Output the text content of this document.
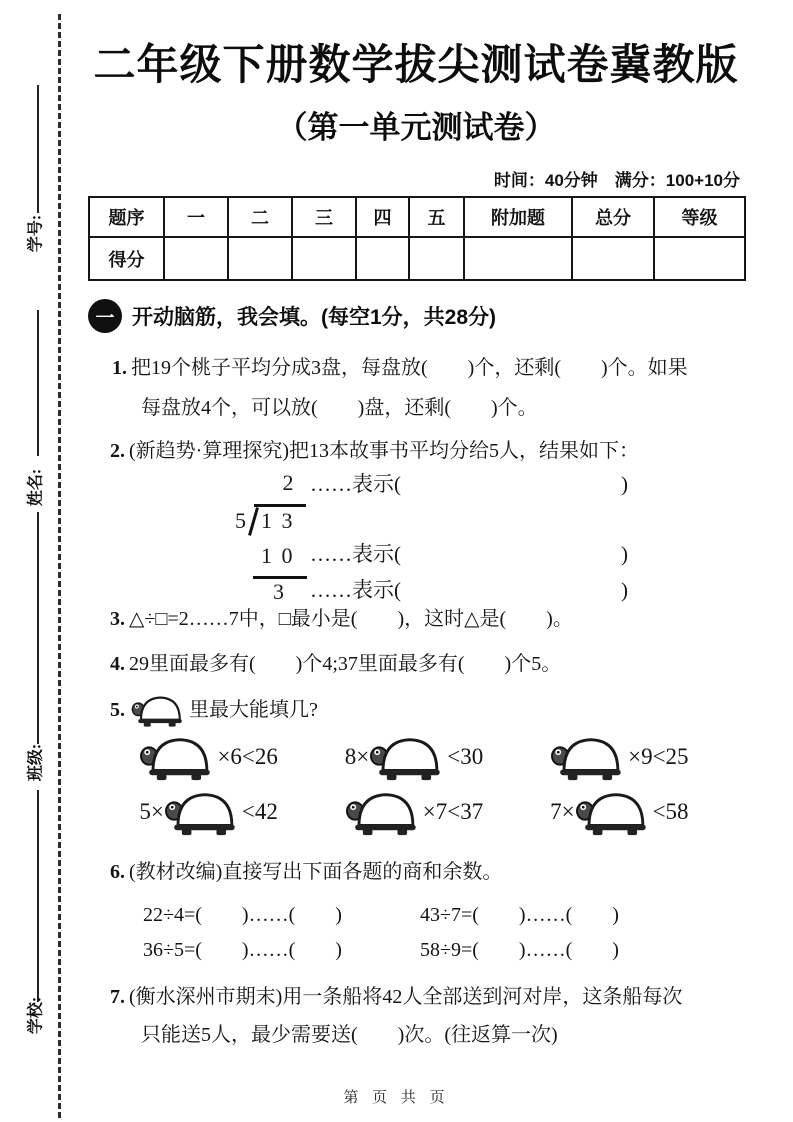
学号:
姓名:
班级:
学校:
二年级下册数学拔尖测试卷冀教版
（第一单元测试卷）
时间：40分钟　满分：100+10分
题序	一	二	三	四	五	附加题	总分	等级
得分								
一 开动脑筋，我会填。(每空1分，共28分)
1. 把19个桃子平均分成3盘，每盘放(　　)个，还剩(　　)个。如果
每盘放4个，可以放(　　)盘，还剩(　　)个。
2. (新趋势·算理探究)把13本故事书平均分给5人，结果如下：
2
5 1 3
1 0
3
……表示(	)
……表示(	)
……表示(	)
3. △÷□=2……7中，□最小是(　　)，这时△是(　　)。
4. 29里面最多有(　　)个4;37里面最多有(　　)个5。
5.	里最大能填几?
×6<26	8×	<30	×9<25
5×	<42	×7<37	7×	<58
6. (教材改编)直接写出下面各题的商和余数。
22÷4=(　　)……(　　)	43÷7=(　　)……(　　)
36÷5=(　　)……(　　)	58÷9=(　　)……(　　)
7. (衡水深州市期末)用一条船将42人全部送到河对岸，这条船每次
只能送5人，最少需要送(　　)次。(往返算一次)
第 页 共 页
